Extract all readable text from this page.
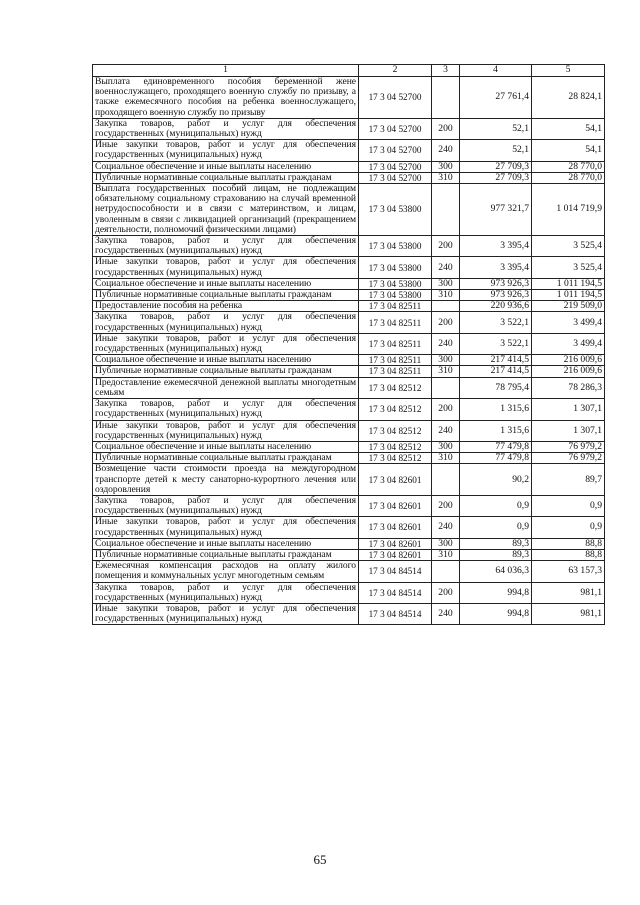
1	2	3	4	5
Выплата единовременного пособия беременной жене военнослужащего, проходящего военную службу по призыву, а также ежемесячного пособия на ребенка военнослужащего, проходящего военную службу по призыву	17 3 04 52700		27 761,4	28 824,1
Закупка товаров, работ и услуг для обеспечения государственных (муниципальных) нужд	17 3 04 52700	200	52,1	54,1
Иные закупки товаров, работ и услуг для обеспечения государственных (муниципальных) нужд	17 3 04 52700	240	52,1	54,1
Социальное обеспечение и иные выплаты населению	17 3 04 52700	300	27 709,3	28 770,0
Публичные нормативные социальные выплаты гражданам	17 3 04 52700	310	27 709,3	28 770,0
Выплата государственных пособий лицам, не подлежащим обязательному социальному страхованию на случай временной нетрудоспособности и в связи с материнством, и лицам, уволенным в связи с ликвидацией организаций (прекращением деятельности, полномочий физическими лицами)	17 3 04 53800		977 321,7	1 014 719,9
Закупка товаров, работ и услуг для обеспечения государственных (муниципальных) нужд	17 3 04 53800	200	3 395,4	3 525,4
Иные закупки товаров, работ и услуг для обеспечения государственных (муниципальных) нужд	17 3 04 53800	240	3 395,4	3 525,4
Социальное обеспечение и иные выплаты населению	17 3 04 53800	300	973 926,3	1 011 194,5
Публичные нормативные социальные выплаты гражданам	17 3 04 53800	310	973 926,3	1 011 194,5
Предоставление пособия на ребенка	17 3 04 82511		220 936,6	219 509,0
Закупка товаров, работ и услуг для обеспечения государственных (муниципальных) нужд	17 3 04 82511	200	3 522,1	3 499,4
Иные закупки товаров, работ и услуг для обеспечения государственных (муниципальных) нужд	17 3 04 82511	240	3 522,1	3 499,4
Социальное обеспечение и иные выплаты населению	17 3 04 82511	300	217 414,5	216 009,6
Публичные нормативные социальные выплаты гражданам	17 3 04 82511	310	217 414,5	216 009,6
Предоставление ежемесячной денежной выплаты многодетным семьям	17 3 04 82512		78 795,4	78 286,3
Закупка товаров, работ и услуг для обеспечения государственных (муниципальных) нужд	17 3 04 82512	200	1 315,6	1 307,1
Иные закупки товаров, работ и услуг для обеспечения государственных (муниципальных) нужд	17 3 04 82512	240	1 315,6	1 307,1
Социальное обеспечение и иные выплаты населению	17 3 04 82512	300	77 479,8	76 979,2
Публичные нормативные социальные выплаты гражданам	17 3 04 82512	310	77 479,8	76 979,2
Возмещение части стоимости проезда на междугородном транспорте детей к месту санаторно-курортного лечения или оздоровления	17 3 04 82601		90,2	89,7
Закупка товаров, работ и услуг для обеспечения государственных (муниципальных) нужд	17 3 04 82601	200	0,9	0,9
Иные закупки товаров, работ и услуг для обеспечения государственных (муниципальных) нужд	17 3 04 82601	240	0,9	0,9
Социальное обеспечение и иные выплаты населению	17 3 04 82601	300	89,3	88,8
Публичные нормативные социальные выплаты гражданам	17 3 04 82601	310	89,3	88,8
Ежемесячная компенсация расходов на оплату жилого помещения и коммунальных услуг многодетным семьям	17 3 04 84514		64 036,3	63 157,3
Закупка товаров, работ и услуг для обеспечения государственных (муниципальных) нужд	17 3 04 84514	200	994,8	981,1
Иные закупки товаров, работ и услуг для обеспечения государственных (муниципальных) нужд	17 3 04 84514	240	994,8	981,1
65
